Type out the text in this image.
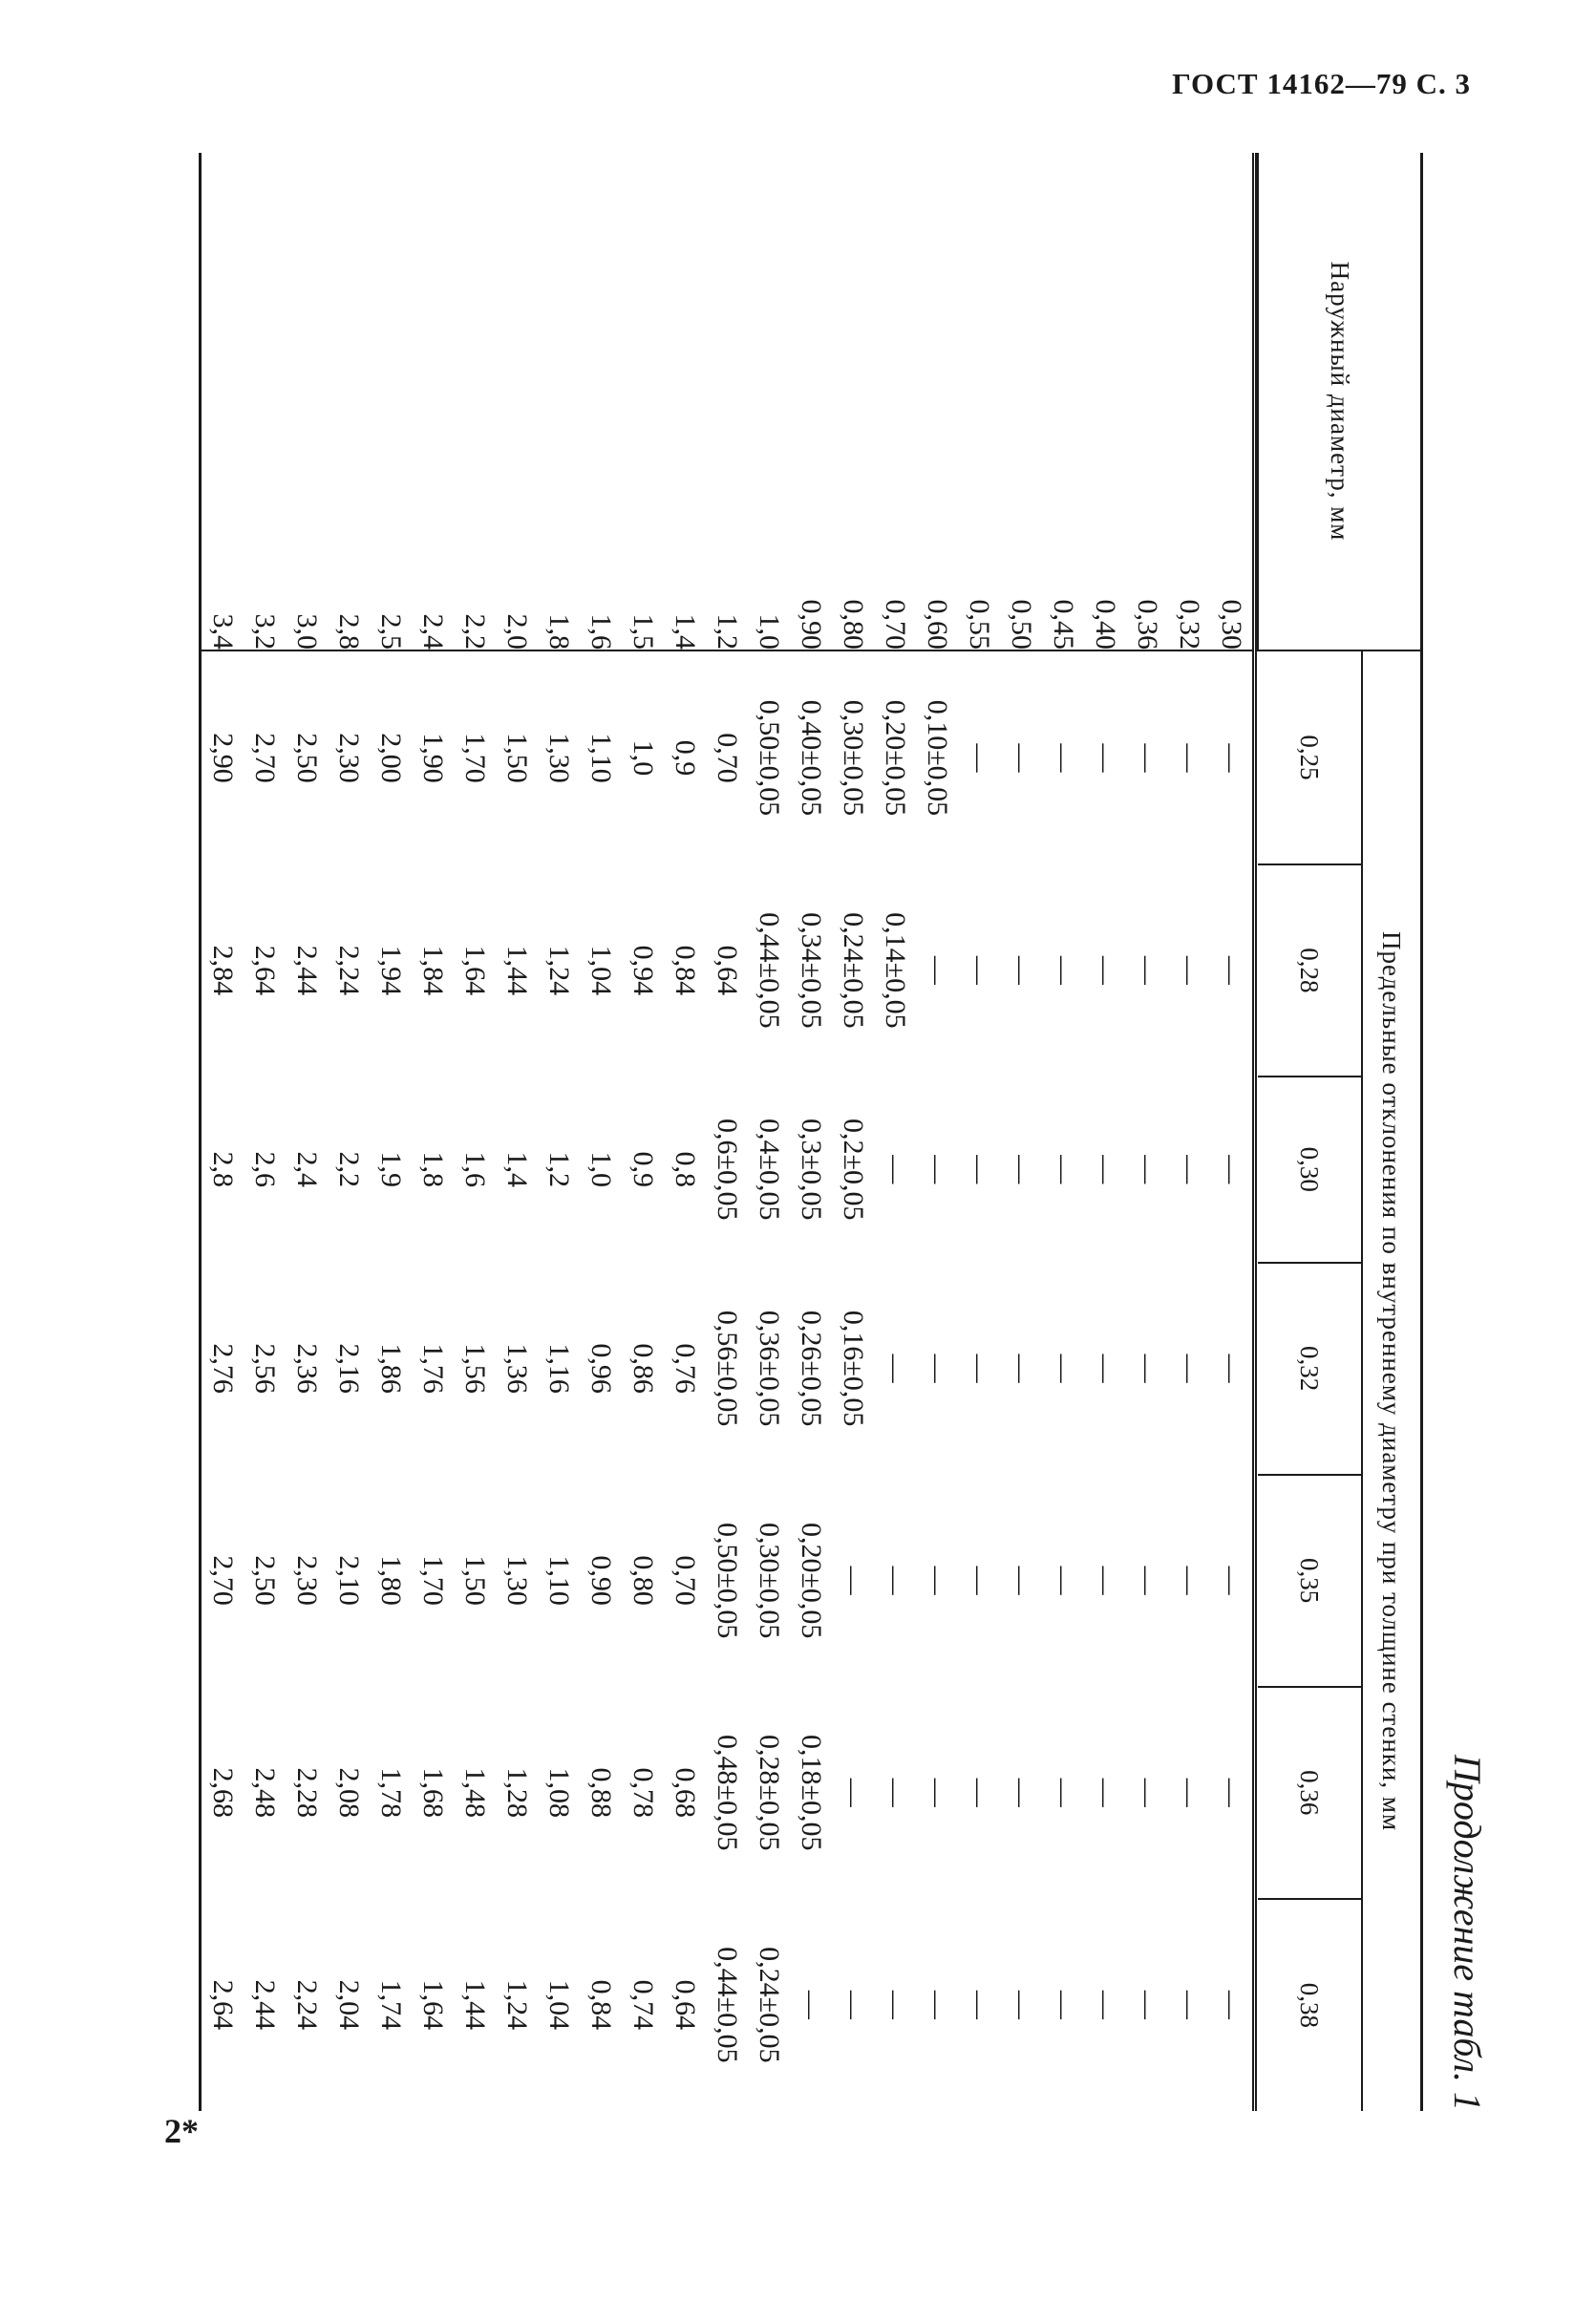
ГОСТ 14162—79 С. 3
Продолжение табл. 1
Наружный диаметр, мм	Предельные отклонения по внутреннему диаметру при толщине стенки, мм						
	0,25	0,28	0,30	0,32	0,35	0,36	0,38

0,30	—	—	—	—	—	—	—
0,32	—	—	—	—	—	—	—
0,36	—	—	—	—	—	—	—
0,40	—	—	—	—	—	—	—
0,45	—	—	—	—	—	—	—
0,50	—	—	—	—	—	—	—
0,55	—	—	—	—	—	—	—
0,60	0,10±0,05	—	—	—	—	—	—
0,70	0,20±0,05	0,14±0,05	—	—	—	—	—
0,80	0,30±0,05	0,24±0,05	0,2±0,05	0,16±0,05	—	—	—
0,90	0,40±0,05	0,34±0,05	0,3±0,05	0,26±0,05	0,20±0,05	0,18±0,05	—
1,0	0,50±0,05	0,44±0,05	0,4±0,05	0,36±0,05	0,30±0,05	0,28±0,05	0,24±0,05
1,2	0,70	0,64	0,6±0,05	0,56±0,05	0,50±0,05	0,48±0,05	0,44±0,05
1,4	0,9	0,84	0,8	0,76	0,70	0,68	0,64
1,5	1,0	0,94	0,9	0,86	0,80	0,78	0,74
1,6	1,10	1,04	1,0	0,96	0,90	0,88	0,84
1,8	1,30	1,24	1,2	1,16	1,10	1,08	1,04
2,0	1,50	1,44	1,4	1,36	1,30	1,28	1,24
2,2	1,70	1,64	1,6	1,56	1,50	1,48	1,44
2,4	1,90	1,84	1,8	1,76	1,70	1,68	1,64
2,5	2,00	1,94	1,9	1,86	1,80	1,78	1,74
2,8	2,30	2,24	2,2	2,16	2,10	2,08	2,04
3,0	2,50	2,44	2,4	2,36	2,30	2,28	2,24
3,2	2,70	2,64	2,6	2,56	2,50	2,48	2,44
3,4	2,90	2,84	2,8	2,76	2,70	2,68	2,64
2*
